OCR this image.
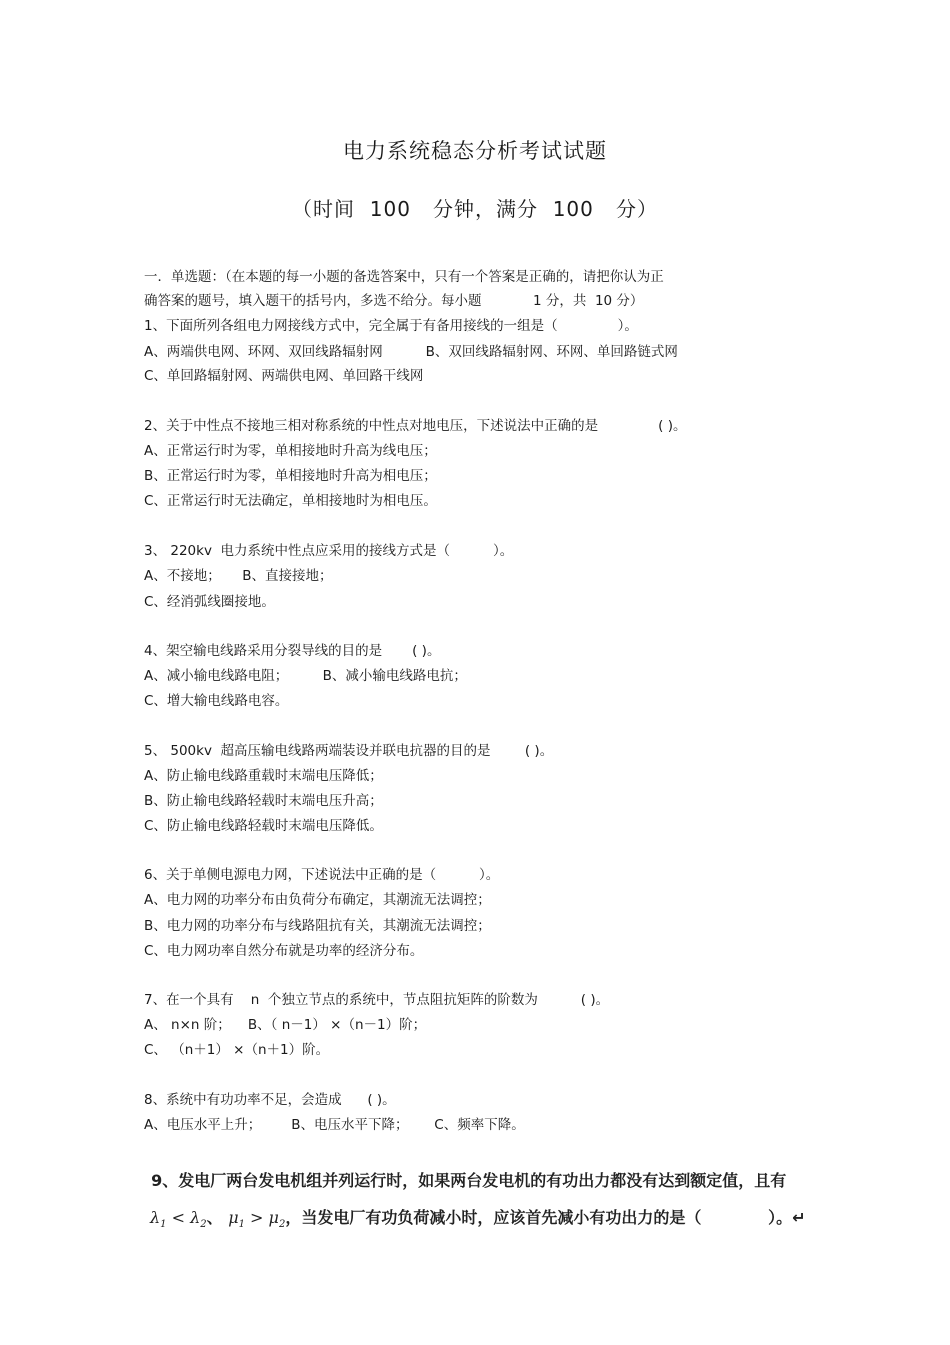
电力系统稳态分析考试试题
（时间  100   分钟，满分  100   分）
一．单选题：（在本题的每一小题的备选答案中，只有一个答案是正确的，请把你认为正
确答案的题号，填入题干的括号内，多选不给分。每小题            1 分，共  10 分）
1、下面所列各组电力网接线方式中，完全属于有备用接线的一组是（              ）。
A、两端供电网、环网、双回线路辐射网          B、双回线路辐射网、环网、单回路链式网
C、单回路辐射网、两端供电网、单回路干线网
2、关于中性点不接地三相对称系统的中性点对地电压，下述说法中正确的是              ( )。
A、正常运行时为零，单相接地时升高为线电压；
B、正常运行时为零，单相接地时升高为相电压；
C、正常运行时无法确定，单相接地时为相电压。
3、 220kv  电力系统中性点应采用的接线方式是（          ）。
A、不接地；     B、直接接地；
C、经消弧线圈接地。
4、架空输电线路采用分裂导线的目的是       ( )。
A、减小输电线路电阻；        B、减小输电线路电抗；
C、增大输电线路电容。
5、 500kv  超高压输电线路两端装设并联电抗器的目的是        ( )。
A、防止输电线路重载时末端电压降低；
B、防止输电线路轻载时末端电压升高；
C、防止输电线路轻载时末端电压降低。
6、关于单侧电源电力网，下述说法中正确的是（          ）。
A、电力网的功率分布由负荷分布确定，其潮流无法调控；
B、电力网的功率分布与线路阻抗有关，其潮流无法调控；
C、电力网功率自然分布就是功率的经济分布。
7、在一个具有    n  个独立节点的系统中，节点阻抗矩阵的阶数为          ( )。
A、 n×n 阶；    B、（ n－1） ×（n－1）阶；
C、 （n＋1） ×（n＋1）阶。
8、系统中有功功率不足，会造成      ( )。
A、电压水平上升；       B、电压水平下降；      C、频率下降。
9、发电厂两台发电机组并列运行时，如果两台发电机的有功出力都没有达到额定值，且有
$\lambda_1 < \lambda_2$、 $\mu_1 > \mu_2$，当发电厂有功负荷减小时，应该首先减小有功出力的是（            ）。↵
